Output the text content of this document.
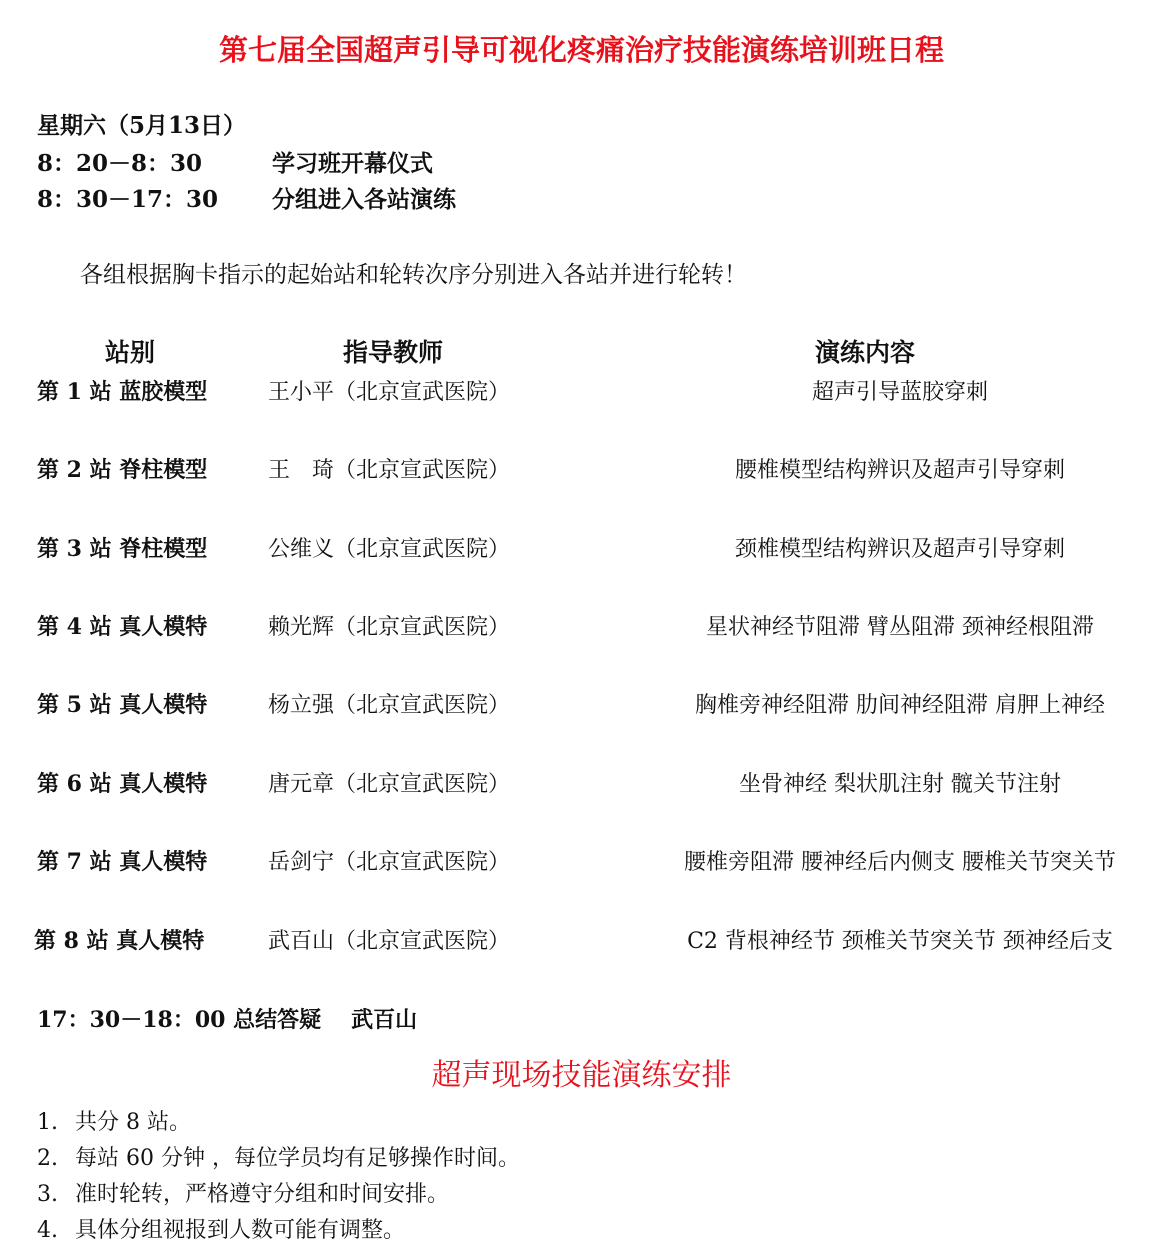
第七届全国超声引导可视化疼痛治疗技能演练培训班日程
星期六（5月13日）
8：20－8：30	学习班开幕仪式
8：30－17：30 分组进入各站演练
各组根据胸卡指示的起始站和轮转次序分别进入各站并进行轮转！
站别	指导教师	演练内容
第 1 站 蓝胶模型	王小平（北京宣武医院）	超声引导蓝胶穿刺
第 2 站 脊柱模型	王　琦（北京宣武医院）	腰椎模型结构辨识及超声引导穿刺
第 3 站 脊柱模型	公维义（北京宣武医院）	颈椎模型结构辨识及超声引导穿刺
第 4 站 真人模特	赖光辉（北京宣武医院）	星状神经节阻滞 臂丛阻滞 颈神经根阻滞
第 5 站 真人模特	杨立强（北京宣武医院）	胸椎旁神经阻滞 肋间神经阻滞 肩胛上神经
第 6 站 真人模特	唐元章（北京宣武医院）	坐骨神经 梨状肌注射 髋关节注射
第 7 站 真人模特	岳剑宁（北京宣武医院）	腰椎旁阻滞 腰神经后内侧支 腰椎关节突关节
第 8 站 真人模特	武百山（北京宣武医院）	C2 背根神经节 颈椎关节突关节 颈神经后支
17：30－18：00 总结答疑 武百山
超声现场技能演练安排
1. 共分 8 站。
2. 每站 60 分钟 ，每位学员均有足够操作时间。
3. 准时轮转，严格遵守分组和时间安排。
4. 具体分组视报到人数可能有调整。
